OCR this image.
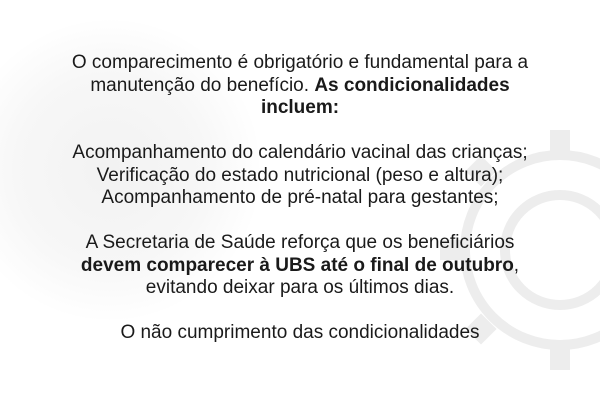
O comparecimento é obrigatório e fundamental para a manutenção do benefício. As condicionalidades incluem:

Acompanhamento do calendário vacinal das crianças;
Verificação do estado nutricional (peso e altura);
Acompanhamento de pré-natal para gestantes;

A Secretaria de Saúde reforça que os beneficiários devem comparecer à UBS até o final de outubro, evitando deixar para os últimos dias.

O não cumprimento das condicionalidades
